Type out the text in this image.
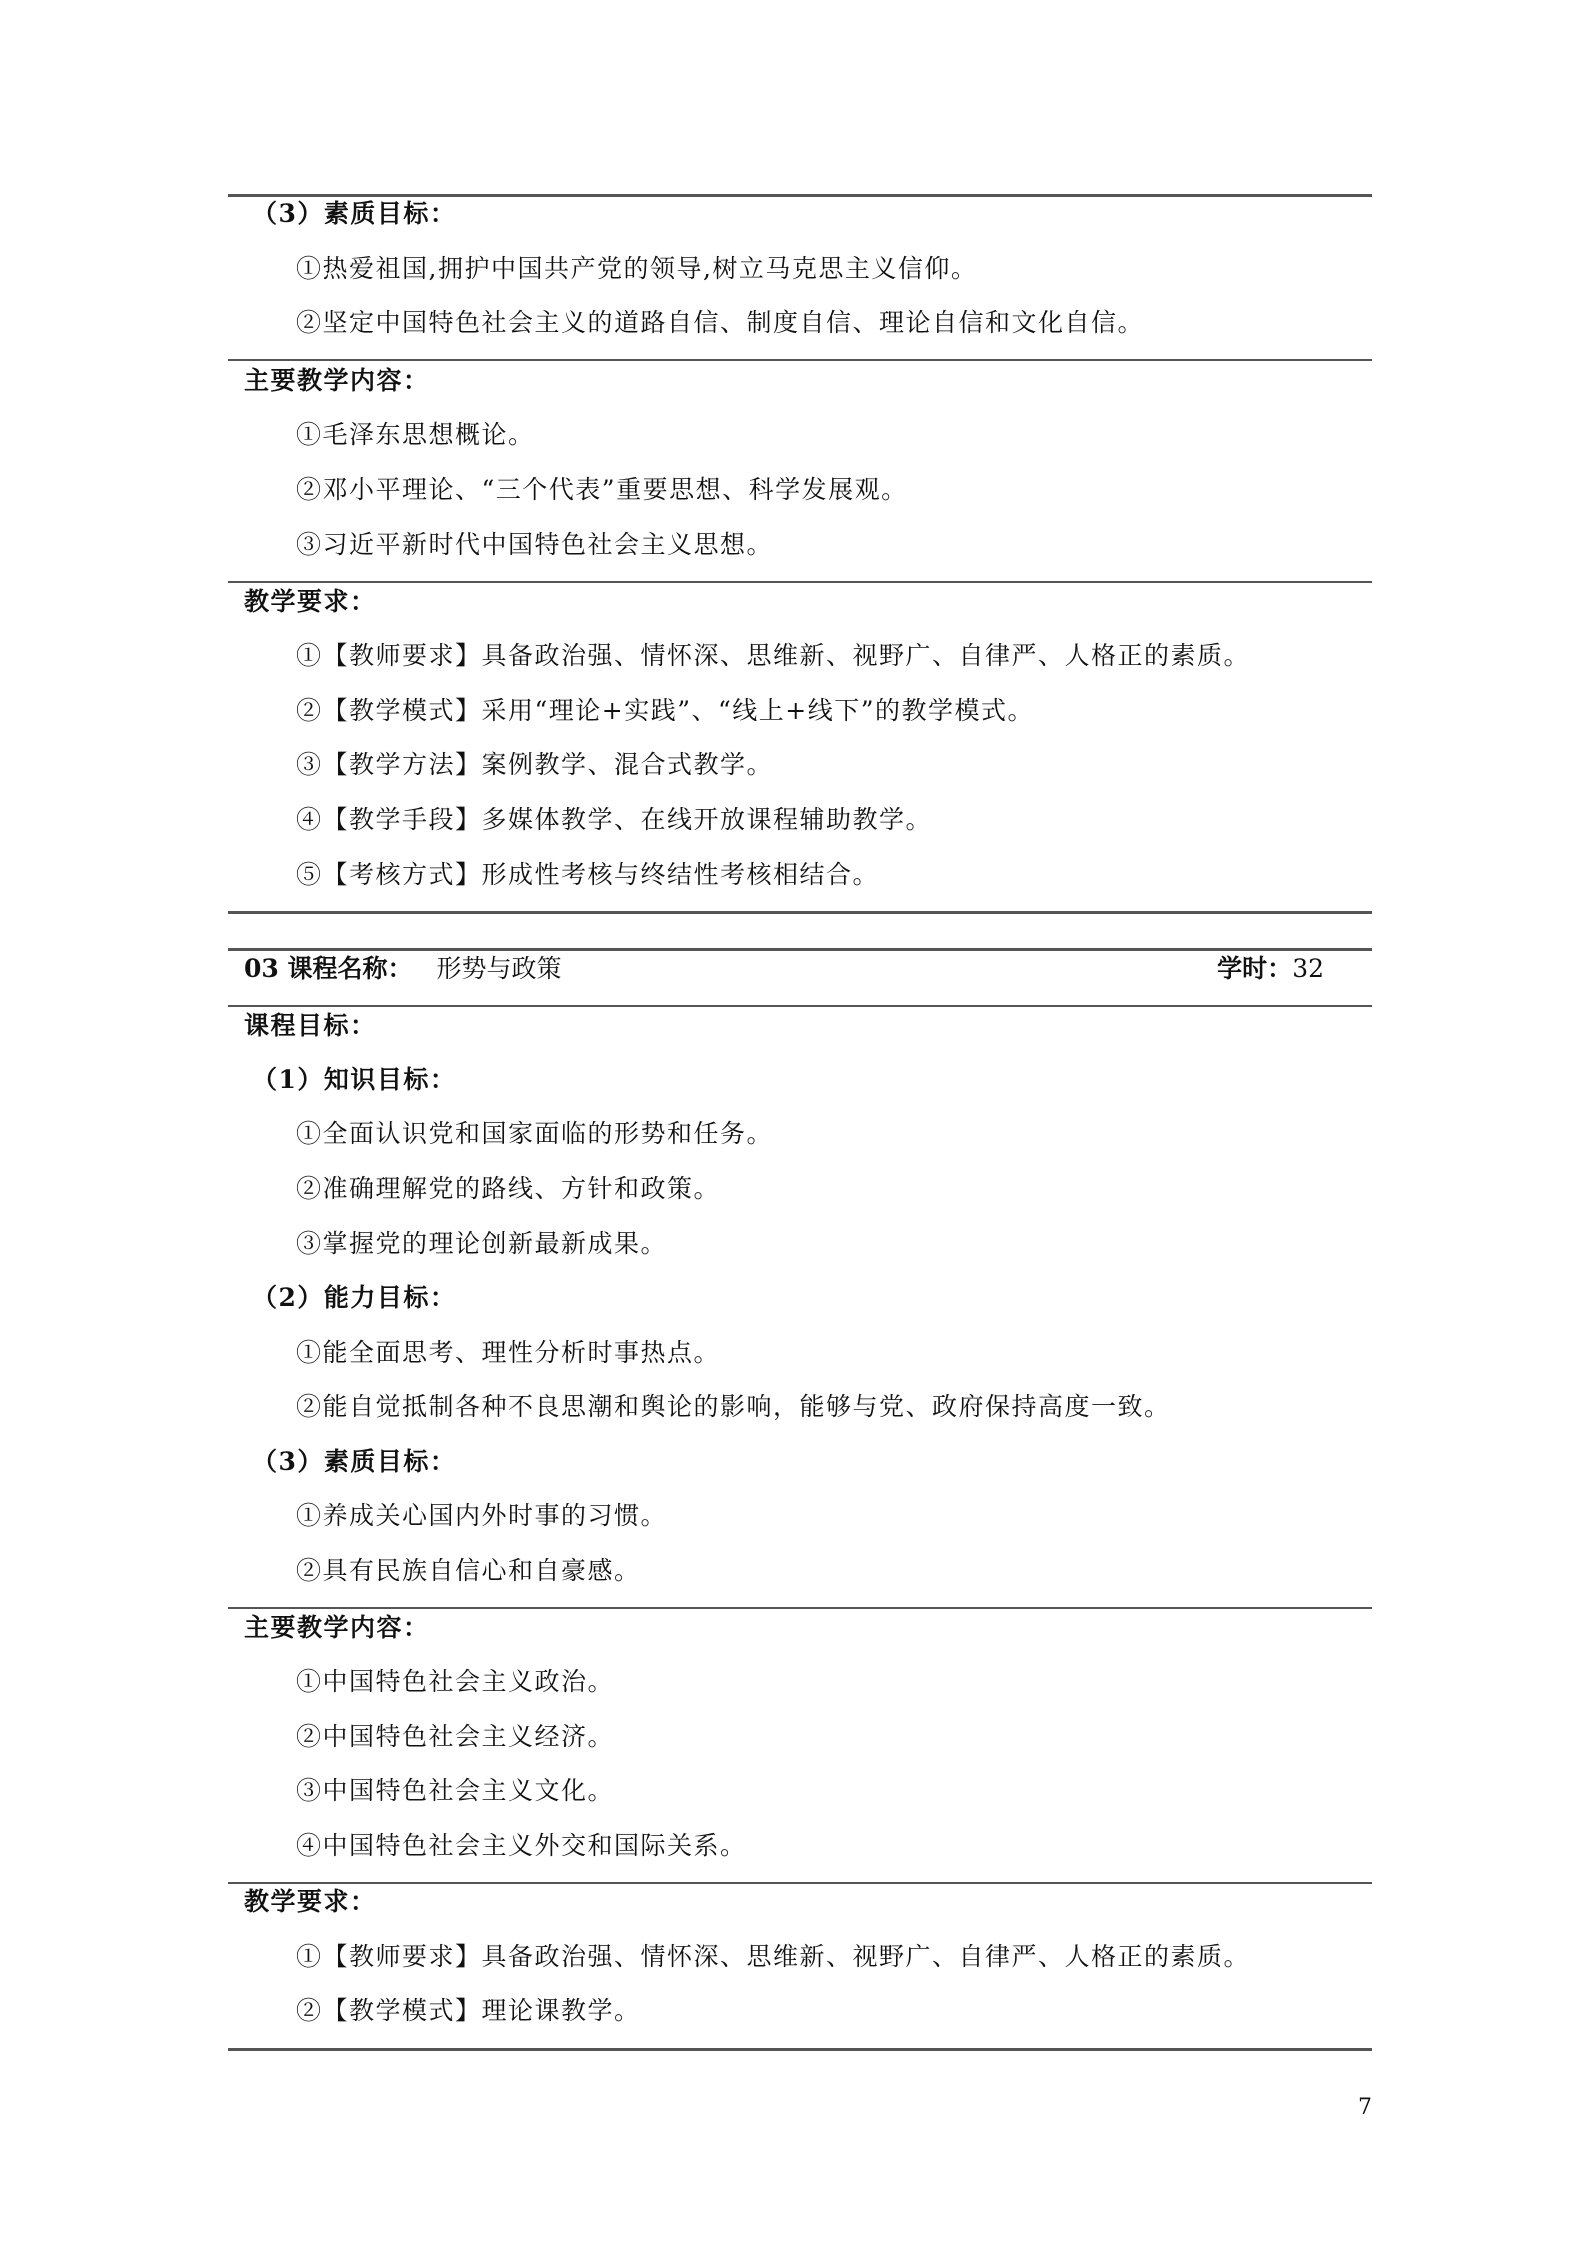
（3）素质目标：
①热爱祖国,拥护中国共产党的领导,树立马克思主义信仰。
②坚定中国特色社会主义的道路自信、制度自信、理论自信和文化自信。
主要教学内容：
①毛泽东思想概论。
②邓小平理论、“三个代表”重要思想、科学发展观。
③习近平新时代中国特色社会主义思想。
教学要求：
①【教师要求】具备政治强、情怀深、思维新、视野广、自律严、人格正的素质。
②【教学模式】采用“理论+实践”、“线上+线下”的教学模式。
③【教学方法】案例教学、混合式教学。
④【教学手段】多媒体教学、在线开放课程辅助教学。
⑤【考核方式】形成性考核与终结性考核相结合。
03 课程名称： 形势与政策	学时：32
课程目标：
（1）知识目标：
①全面认识党和国家面临的形势和任务。
②准确理解党的路线、方针和政策。
③掌握党的理论创新最新成果。
（2）能力目标：
①能全面思考、理性分析时事热点。
②能自觉抵制各种不良思潮和舆论的影响，能够与党、政府保持高度一致。
（3）素质目标：
①养成关心国内外时事的习惯。
②具有民族自信心和自豪感。
主要教学内容：
①中国特色社会主义政治。
②中国特色社会主义经济。
③中国特色社会主义文化。
④中国特色社会主义外交和国际关系。
教学要求：
①【教师要求】具备政治强、情怀深、思维新、视野广、自律严、人格正的素质。
②【教学模式】理论课教学。
7
